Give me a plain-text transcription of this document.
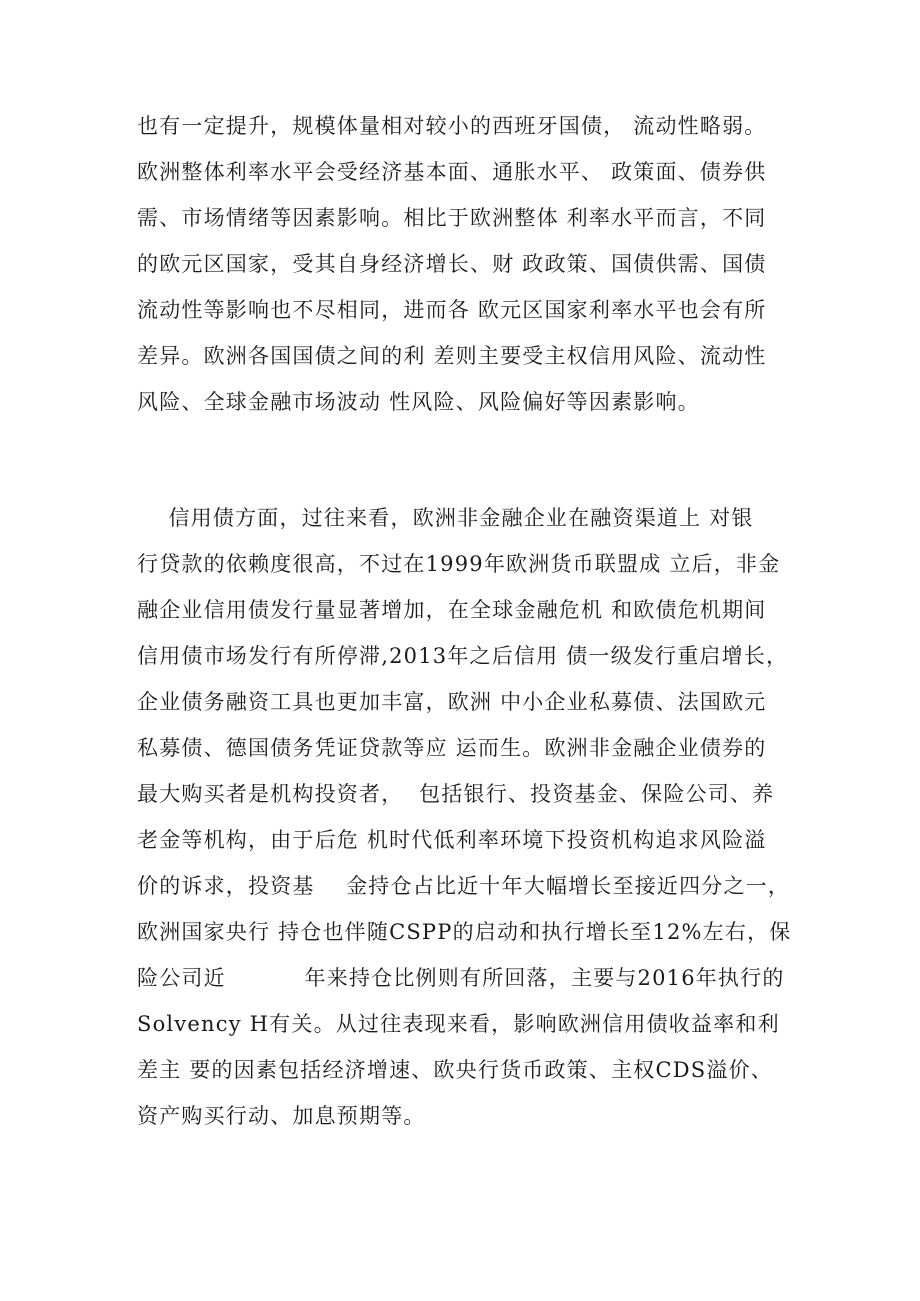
也有一定提升，规模体量相对较小的西班牙国债， 流动性略弱。
欧洲整体利率水平会受经济基本面、通胀水平、 政策面、债券供
需、市场情绪等因素影响。相比于欧洲整体 利率水平而言，不同
的欧元区国家，受其自身经济增长、财 政政策、国债供需、国债
流动性等影响也不尽相同，进而各 欧元区国家利率水平也会有所
差异。欧洲各国国债之间的利 差则主要受主权信用风险、流动性
风险、全球金融市场波动 性风险、风险偏好等因素影响。
信用债方面，过往来看，欧洲非金融企业在融资渠道上 对银
行贷款的依赖度很高，不过在1999年欧洲货币联盟成 立后，非金
融企业信用债发行量显著增加，在全球金融危机 和欧债危机期间
信用债市场发行有所停滞,2013年之后信用 债一级发行重启增长，
企业债务融资工具也更加丰富，欧洲 中小企业私募债、法国欧元
私募债、德国债务凭证贷款等应 运而生。欧洲非金融企业债券的
最大购买者是机构投资者，  包括银行、投资基金、保险公司、养
老金等机构，由于后危 机时代低利率环境下投资机构追求风险溢
价的诉求，投资基    金持仓占比近十年大幅增长至接近四分之一，
欧洲国家央行 持仓也伴随CSPP的启动和执行增长至12%左右，保
险公司近          年来持仓比例则有所回落，主要与2016年执行的
Solvency H有关。从过往表现来看，影响欧洲信用债收益率和利
差主 要的因素包括经济增速、欧央行货币政策、主权CDS溢价、
资产购买行动、加息预期等。
